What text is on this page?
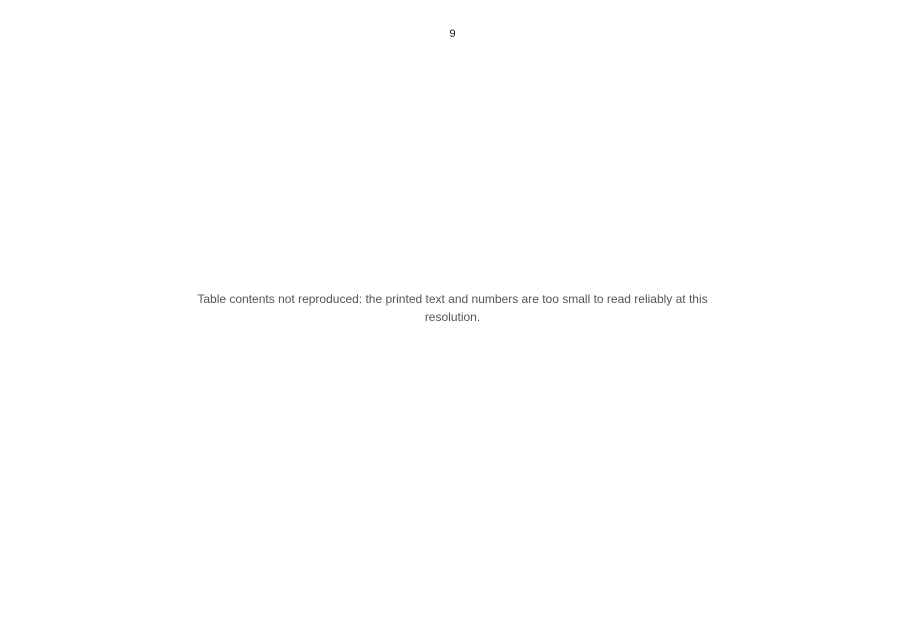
9
Table contents not reproduced: the printed text and numbers are too small to read reliably at this resolution.
